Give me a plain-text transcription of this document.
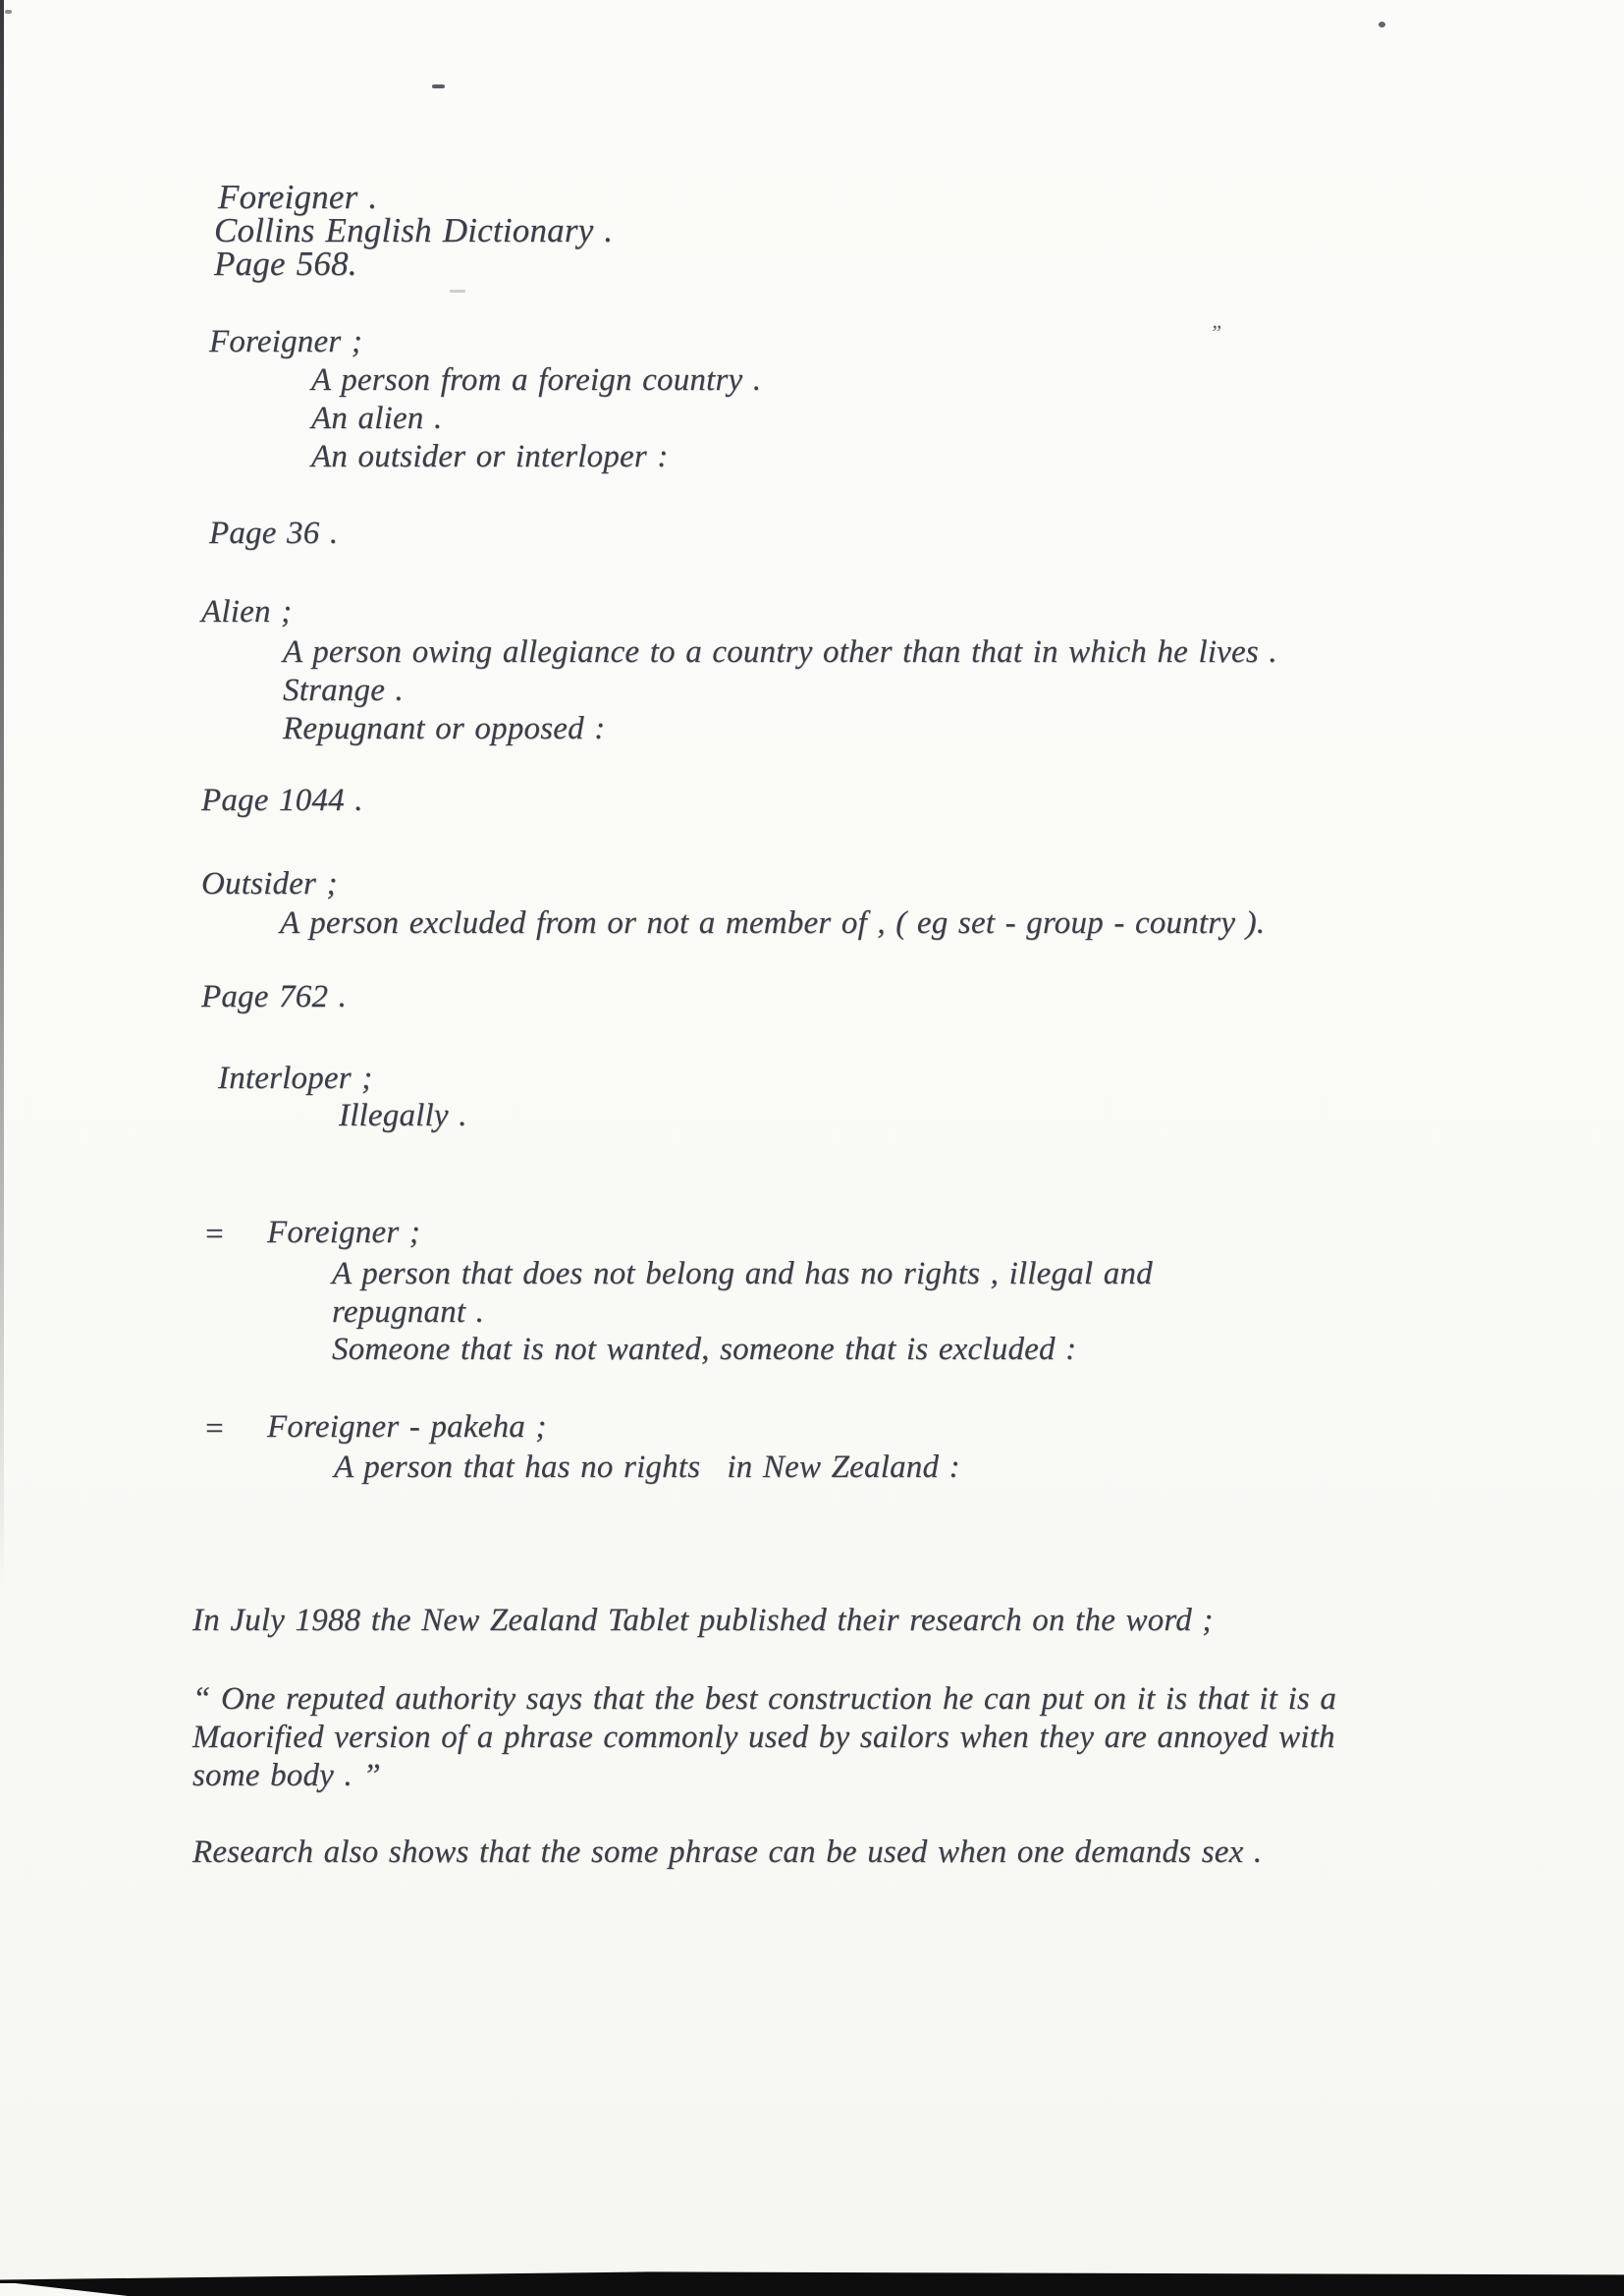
Foreigner .
Collins English Dictionary .
Page 568.
Foreigner ;
A person from a foreign country .
An alien .
An outsider or interloper :
Page 36 .
Alien ;
A person owing allegiance to a country other than that in which he lives .
Strange .
Repugnant or opposed :
Page 1044 .
Outsider ;
A person excluded from or not a member of , ( eg set - group - country ).
Page 762 .
Interloper ;
Illegally .
= Foreigner ;
A person that does not belong and has no rights , illegal and
repugnant .
Someone that is not wanted, someone that is excluded :
= Foreigner - pakeha ;
A person that has no rights  in New Zealand :
In July 1988 the New Zealand Tablet published their research on the word ;
“ One reputed authority says that the best construction he can put on it is that it is a
Maorified version of a phrase commonly used by sailors when they are annoyed with
some body . ”
Research also shows that the some phrase can be used when one demands sex .
”
